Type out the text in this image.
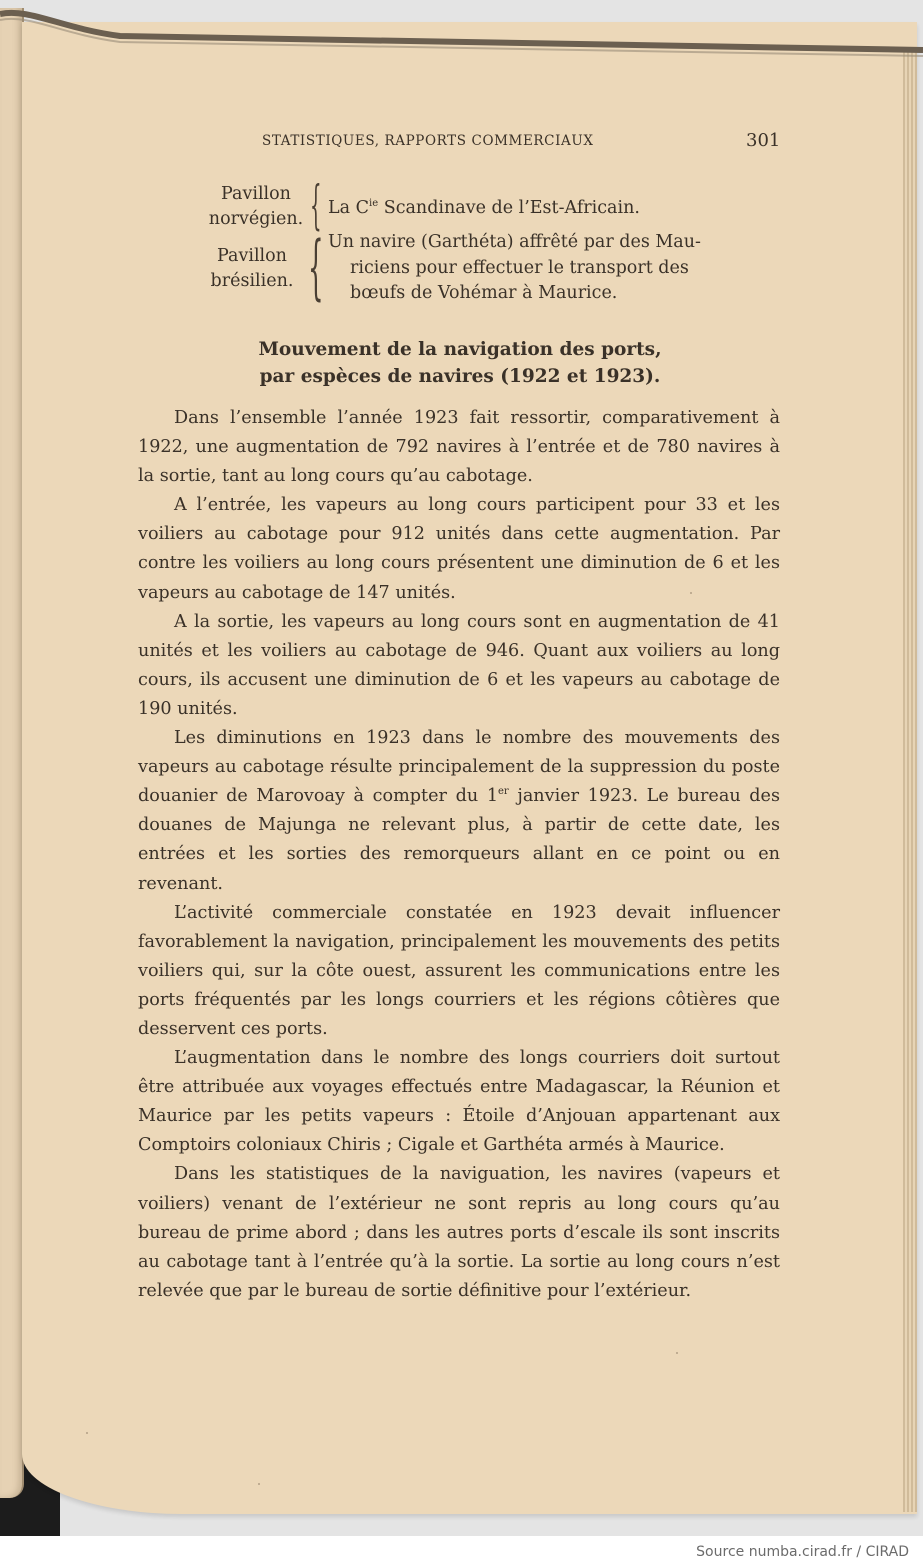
STATISTIQUES, RAPPORTS COMMERCIAUX	301
Pavillon
norvégien. { La $C^{ie}$ Scandinave de l’Est-Africain.
Pavillon
brésilien. { Un navire (Garthéta) affrêté par des Mau-
riciens pour effectuer le transport des
bœufs de Vohémar à Maurice.
Mouvement de la navigation des ports,
par espèces de navires (1922 et 1923).

Dans l’ensemble l’année 1923 fait ressortir, comparativement à 1922, une augmentation de 792 navires à l’entrée et de 780 navires à la sortie, tant au long cours qu’au cabotage.

A l’entrée, les vapeurs au long cours participent pour 33 et les voiliers au cabotage pour 912 unités dans cette augmentation. Par contre les voiliers au long cours présentent une diminution de 6 et les vapeurs au cabotage de 147 unités.

A la sortie, les vapeurs au long cours sont en augmentation de 41 unités et les voiliers au cabotage de 946. Quant aux voiliers au long cours, ils accusent une diminution de 6 et les vapeurs au cabotage de 190 unités.

Les diminutions en 1923 dans le nombre des mouvements des vapeurs au cabotage résulte principalement de la suppression du poste douanier de Marovoay à compter du 1er janvier 1923. Le bureau des douanes de Majunga ne relevant plus, à partir de cette date, les entrées et les sorties des remorqueurs allant en ce point ou en revenant.

L’activité commerciale constatée en 1923 devait influencer favorablement la navigation, principalement les mouvements des petits voiliers qui, sur la côte ouest, assurent les communications entre les ports fréquentés par les longs courriers et les régions côtières que desservent ces ports.

L’augmentation dans le nombre des longs courriers doit surtout être attribuée aux voyages effectués entre Madagascar, la Réunion et Maurice par les petits vapeurs : Étoile d’Anjouan appartenant aux Comptoirs coloniaux Chiris ; Cigale et Garthéta armés à Maurice.

Dans les statistiques de la naviguation, les navires (vapeurs et voiliers) venant de l’extérieur ne sont repris au long cours qu’au bureau de prime abord ; dans les autres ports d’escale ils sont inscrits au cabotage tant à l’entrée qu’à la sortie. La sortie au long cours n’est relevée que par le bureau de sortie définitive pour l’extérieur.

Source numba.cirad.fr / CIRAD
